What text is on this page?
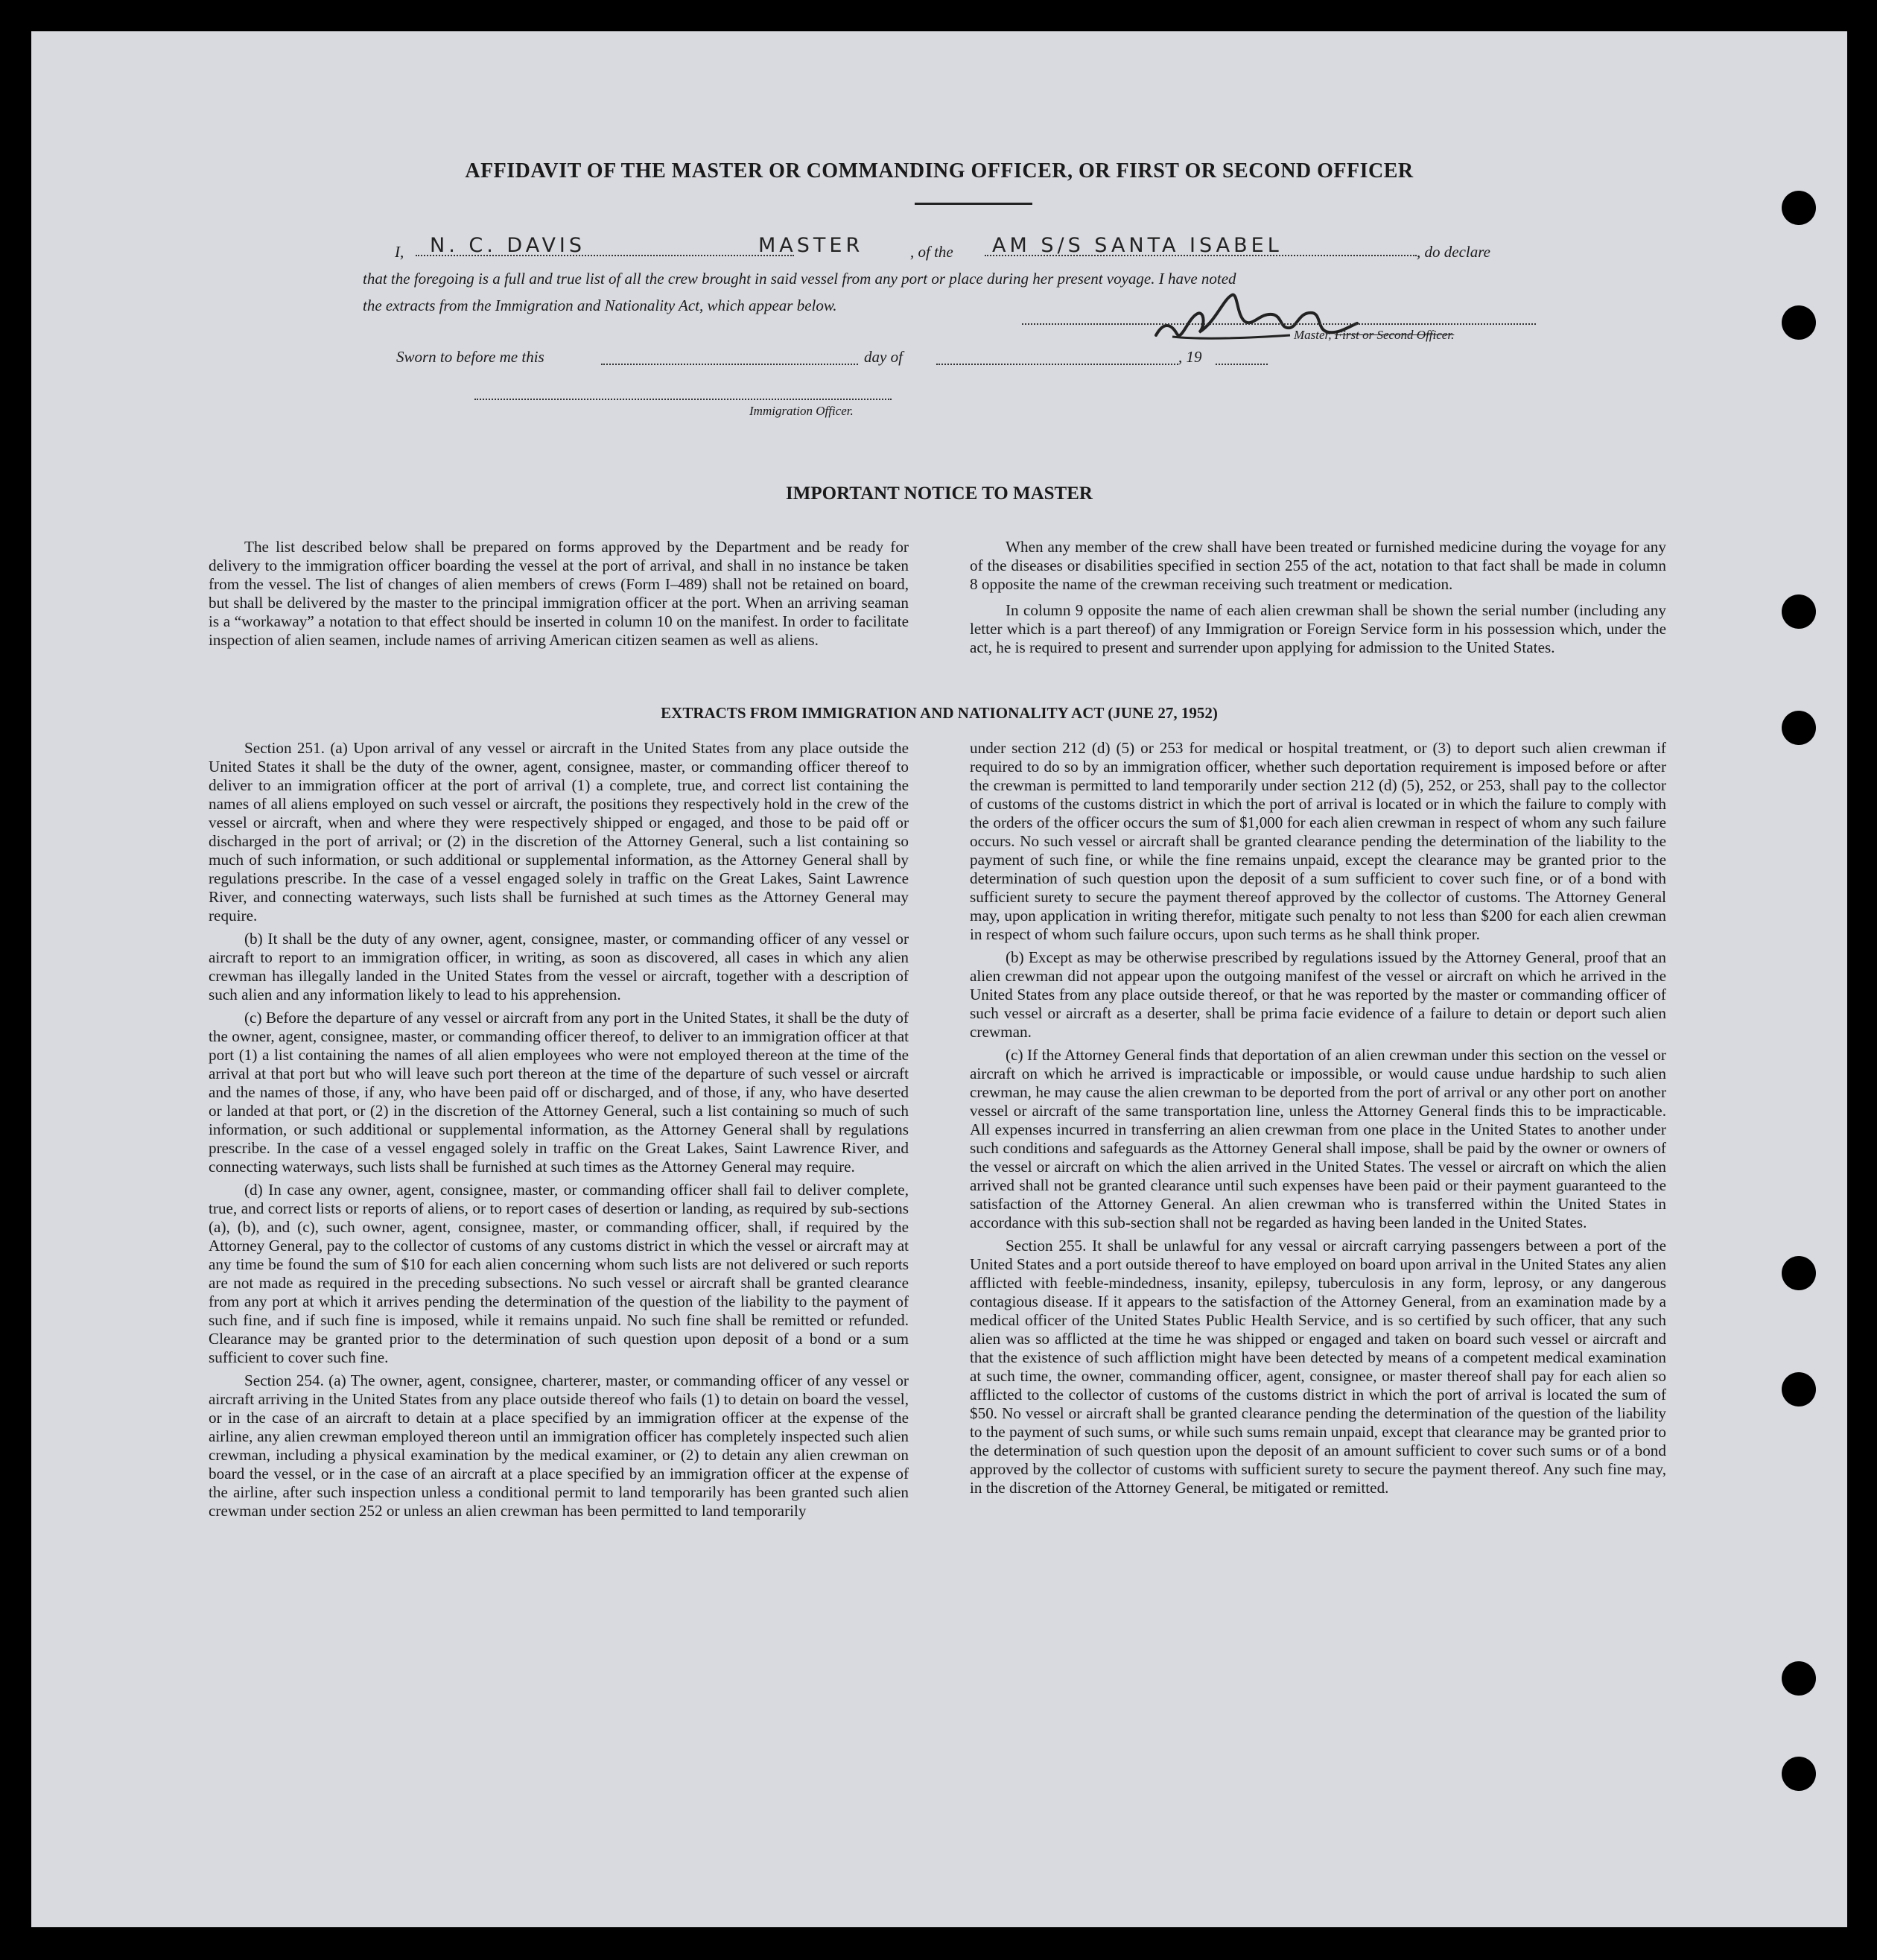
AFFIDAVIT OF THE MASTER OR COMMANDING OFFICER, OR FIRST OR SECOND OFFICER
I, N. C. DAVIS	MASTER	, of the AM S/S SANTA ISABEL	, do declare
that the foregoing is a full and true list of all the crew brought in said vessel from any port or place during her present voyage. I have noted
the extracts from the Immigration and Nationality Act, which appear below.
Master, First or Second Officer.
Sworn to before me this	day of	, 19
Immigration Officer.
IMPORTANT NOTICE TO MASTER

The list described below shall be prepared on forms approved by the Department and be ready for delivery to the immigration officer boarding the vessel at the port of arrival, and shall in no instance be taken from the vessel. The list of changes of alien members of crews (Form I–489) shall not be retained on board, but shall be delivered by the master to the principal immigration officer at the port. When an arriving seaman is a “workaway” a notation to that effect should be inserted in column 10 on the manifest. In order to facilitate inspection of alien seamen, include names of arriving American citizen seamen as well as aliens.

When any member of the crew shall have been treated or furnished medicine during the voyage for any of the diseases or disabilities specified in section 255 of the act, notation to that fact shall be made in column 8 opposite the name of the crewman receiving such treatment or medication.

In column 9 opposite the name of each alien crewman shall be shown the serial number (including any letter which is a part thereof) of any Immigration or Foreign Service form in his possession which, under the act, he is required to present and surrender upon applying for admission to the United States.

EXTRACTS FROM IMMIGRATION AND NATIONALITY ACT (JUNE 27, 1952)

Section 251. (a) Upon arrival of any vessel or aircraft in the United States from any place outside the United States it shall be the duty of the owner, agent, consignee, master, or commanding officer thereof to deliver to an immigration officer at the port of arrival (1) a complete, true, and correct list containing the names of all aliens employed on such vessel or aircraft, the positions they respectively hold in the crew of the vessel or aircraft, when and where they were respectively shipped or engaged, and those to be paid off or discharged in the port of arrival; or (2) in the discretion of the Attorney General, such a list containing so much of such information, or such additional or supplemental information, as the Attorney General shall by regulations prescribe. In the case of a vessel engaged solely in traffic on the Great Lakes, Saint Lawrence River, and connecting waterways, such lists shall be furnished at such times as the Attorney General may require.

(b) It shall be the duty of any owner, agent, consignee, master, or commanding officer of any vessel or aircraft to report to an immigration officer, in writing, as soon as discovered, all cases in which any alien crewman has illegally landed in the United States from the vessel or aircraft, together with a description of such alien and any information likely to lead to his apprehension.

(c) Before the departure of any vessel or aircraft from any port in the United States, it shall be the duty of the owner, agent, consignee, master, or commanding officer thereof, to deliver to an immigration officer at that port (1) a list containing the names of all alien employees who were not employed thereon at the time of the arrival at that port but who will leave such port thereon at the time of the departure of such vessel or aircraft and the names of those, if any, who have been paid off or discharged, and of those, if any, who have deserted or landed at that port, or (2) in the discretion of the Attorney General, such a list containing so much of such information, or such additional or supplemental information, as the Attorney General shall by regulations prescribe. In the case of a vessel engaged solely in traffic on the Great Lakes, Saint Lawrence River, and connecting waterways, such lists shall be furnished at such times as the Attorney General may require.

(d) In case any owner, agent, consignee, master, or commanding officer shall fail to deliver complete, true, and correct lists or reports of aliens, or to report cases of desertion or landing, as required by sub-sections (a), (b), and (c), such owner, agent, consignee, master, or commanding officer, shall, if required by the Attorney General, pay to the collector of customs of any customs district in which the vessel or aircraft may at any time be found the sum of $10 for each alien concerning whom such lists are not delivered or such reports are not made as required in the preceding subsections. No such vessel or aircraft shall be granted clearance from any port at which it arrives pending the determination of the question of the liability to the payment of such fine, and if such fine is imposed, while it remains unpaid. No such fine shall be remitted or refunded. Clearance may be granted prior to the determination of such question upon deposit of a bond or a sum sufficient to cover such fine.

Section 254. (a) The owner, agent, consignee, charterer, master, or commanding officer of any vessel or aircraft arriving in the United States from any place outside thereof who fails (1) to detain on board the vessel, or in the case of an aircraft to detain at a place specified by an immigration officer at the expense of the airline, any alien crewman employed thereon until an immigration officer has completely inspected such alien crewman, including a physical examination by the medical examiner, or (2) to detain any alien crewman on board the vessel, or in the case of an aircraft at a place specified by an immigration officer at the expense of the airline, after such inspection unless a conditional permit to land temporarily has been granted such alien crewman under section 252 or unless an alien crewman has been permitted to land temporarily

under section 212 (d) (5) or 253 for medical or hospital treatment, or (3) to deport such alien crewman if required to do so by an immigration officer, whether such deportation requirement is imposed before or after the crewman is permitted to land temporarily under section 212 (d) (5), 252, or 253, shall pay to the collector of customs of the customs district in which the port of arrival is located or in which the failure to comply with the orders of the officer occurs the sum of $1,000 for each alien crewman in respect of whom any such failure occurs. No such vessel or aircraft shall be granted clearance pending the determination of the liability to the payment of such fine, or while the fine remains unpaid, except the clearance may be granted prior to the determination of such question upon the deposit of a sum sufficient to cover such fine, or of a bond with sufficient surety to secure the payment thereof approved by the collector of customs. The Attorney General may, upon application in writing therefor, mitigate such penalty to not less than $200 for each alien crewman in respect of whom such failure occurs, upon such terms as he shall think proper.

(b) Except as may be otherwise prescribed by regulations issued by the Attorney General, proof that an alien crewman did not appear upon the outgoing manifest of the vessel or aircraft on which he arrived in the United States from any place outside thereof, or that he was reported by the master or commanding officer of such vessel or aircraft as a deserter, shall be prima facie evidence of a failure to detain or deport such alien crewman.

(c) If the Attorney General finds that deportation of an alien crewman under this section on the vessel or aircraft on which he arrived is impracticable or impossible, or would cause undue hardship to such alien crewman, he may cause the alien crewman to be deported from the port of arrival or any other port on another vessel or aircraft of the same transportation line, unless the Attorney General finds this to be impracticable. All expenses incurred in transferring an alien crewman from one place in the United States to another under such conditions and safeguards as the Attorney General shall impose, shall be paid by the owner or owners of the vessel or aircraft on which the alien arrived in the United States. The vessel or aircraft on which the alien arrived shall not be granted clearance until such expenses have been paid or their payment guaranteed to the satisfaction of the Attorney General. An alien crewman who is transferred within the United States in accordance with this sub-section shall not be regarded as having been landed in the United States.

Section 255. It shall be unlawful for any vessal or aircraft carrying passengers between a port of the United States and a port outside thereof to have employed on board upon arrival in the United States any alien afflicted with feeble-mindedness, insanity, epilepsy, tuberculosis in any form, leprosy, or any dangerous contagious disease. If it appears to the satisfaction of the Attorney General, from an examination made by a medical officer of the United States Public Health Service, and is so certified by such officer, that any such alien was so afflicted at the time he was shipped or engaged and taken on board such vessel or aircraft and that the existence of such affliction might have been detected by means of a competent medical examination at such time, the owner, commanding officer, agent, consignee, or master thereof shall pay for each alien so afflicted to the collector of customs of the customs district in which the port of arrival is located the sum of $50. No vessel or aircraft shall be granted clearance pending the determination of the question of the liability to the payment of such sums, or while such sums remain unpaid, except that clearance may be granted prior to the determination of such question upon the deposit of an amount sufficient to cover such sums or of a bond approved by the collector of customs with sufficient surety to secure the payment thereof. Any such fine may, in the discretion of the Attorney General, be mitigated or remitted.
